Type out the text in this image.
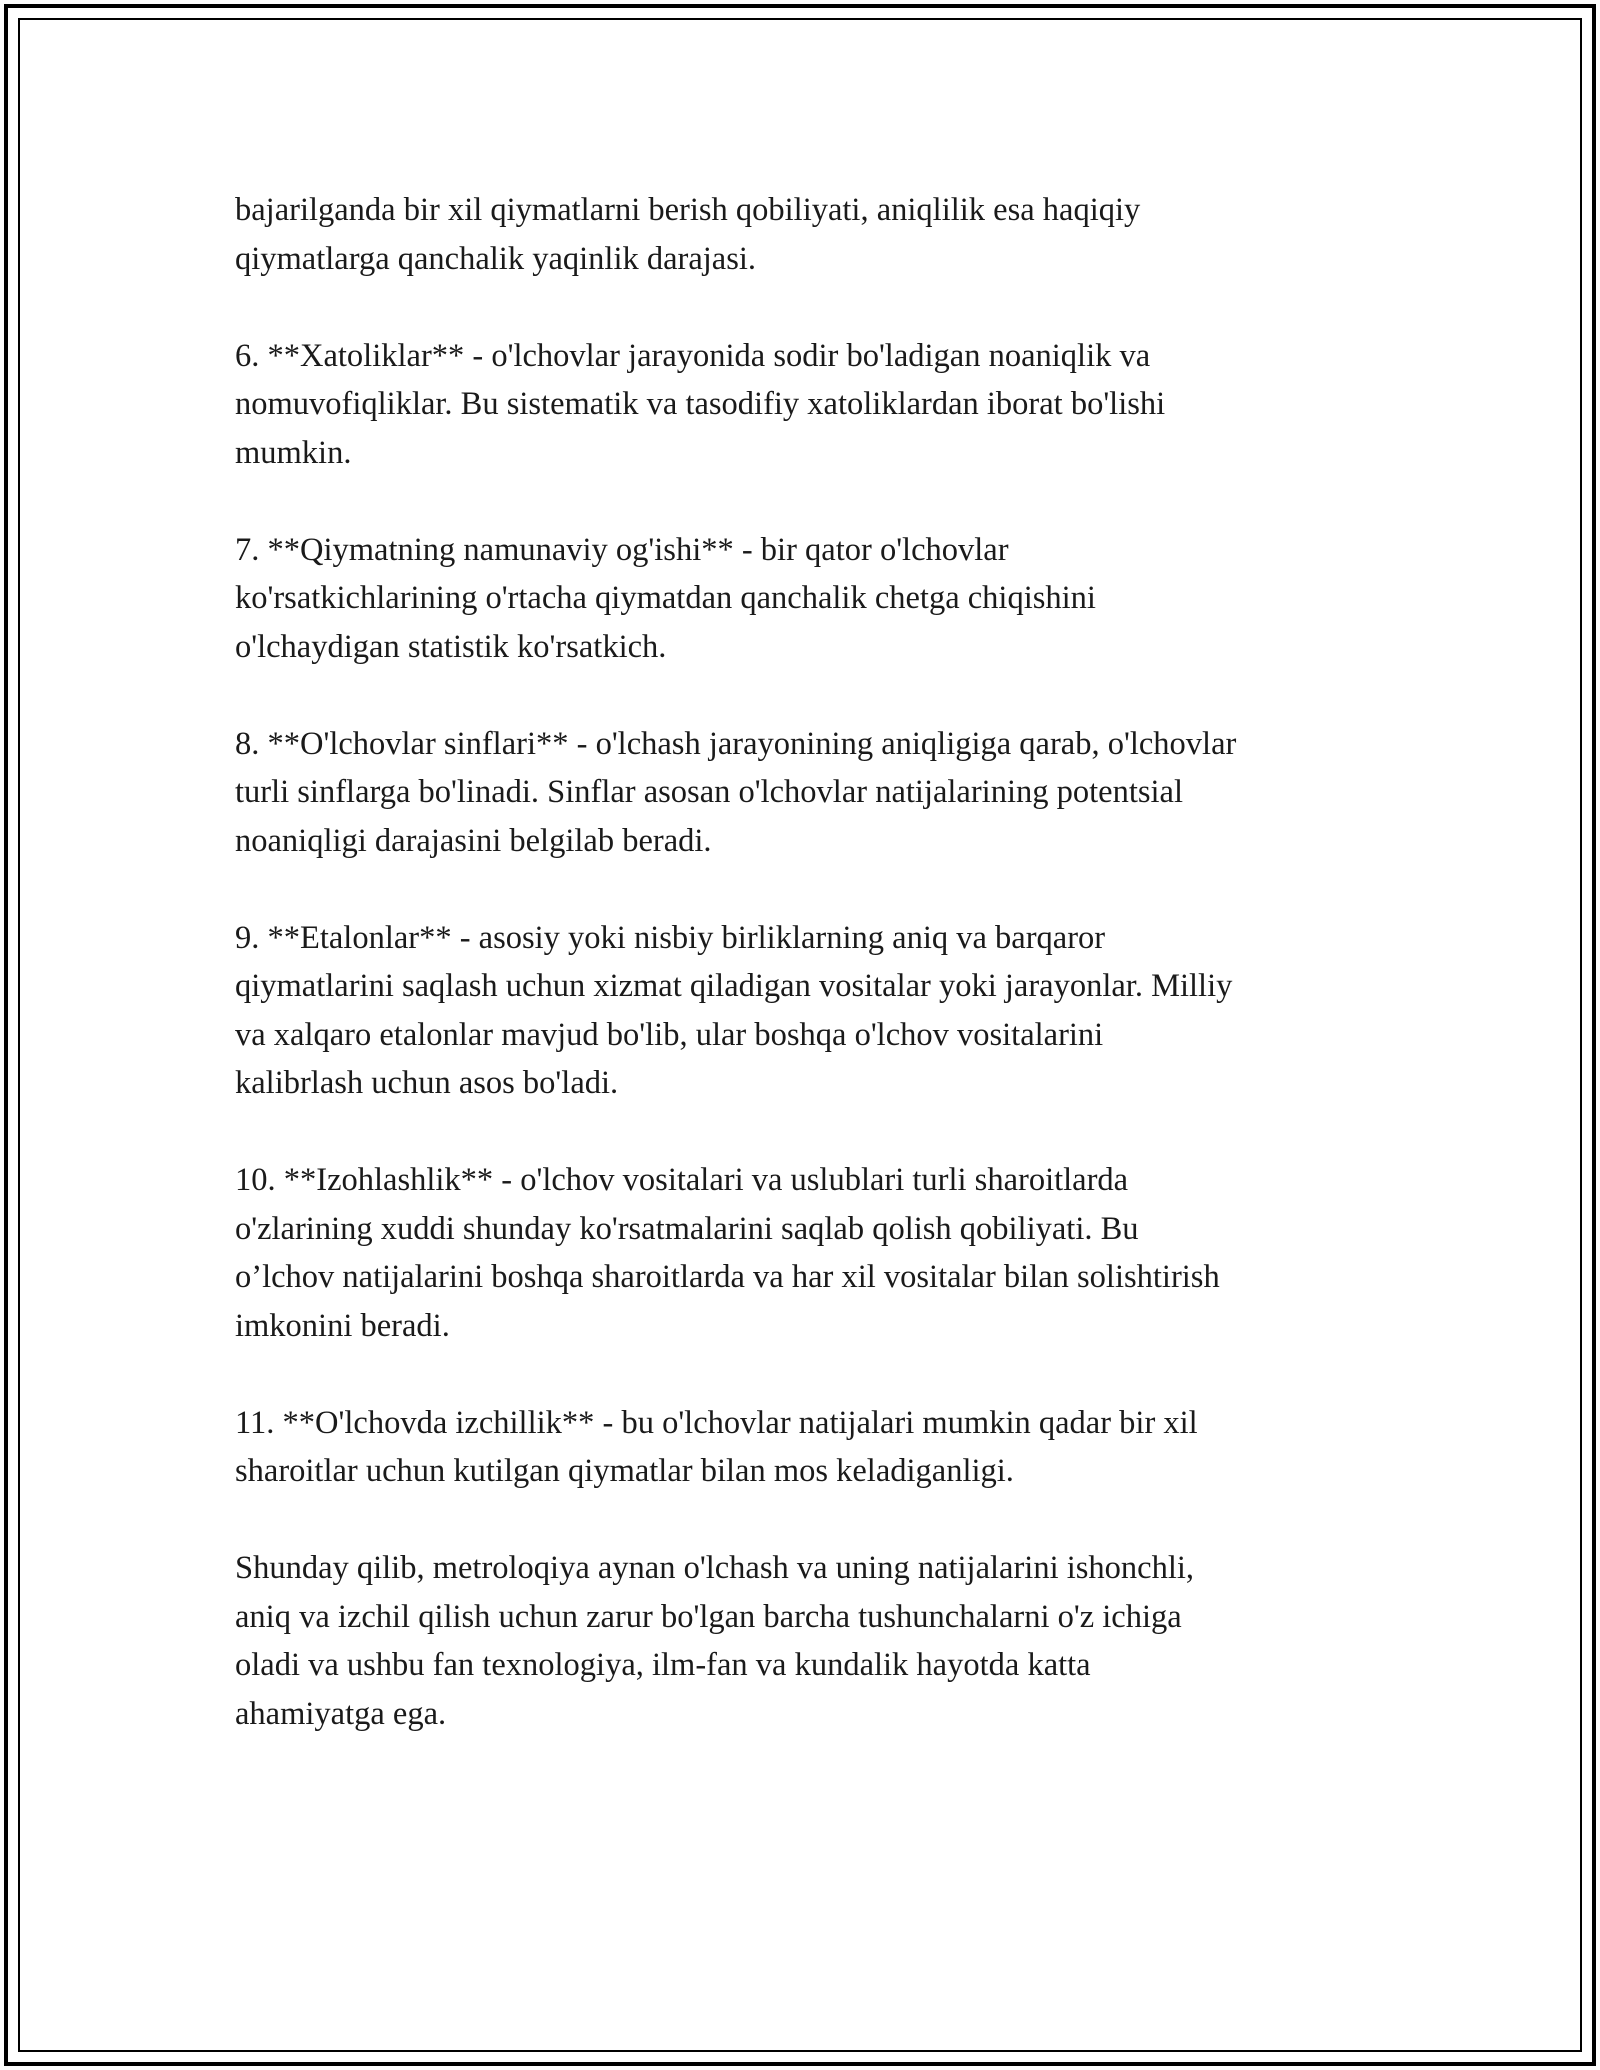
bajarilganda bir xil qiymatlarni berish qobiliyati, aniqlilik esa haqiqiy
qiymatlarga qanchalik yaqinlik darajasi.

6. **Xatoliklar** - o'lchovlar jarayonida sodir bo'ladigan noaniqlik va
nomuvofiqliklar. Bu sistematik va tasodifiy xatoliklardan iborat bo'lishi
mumkin.

7. **Qiymatning namunaviy og'ishi** - bir qator o'lchovlar
ko'rsatkichlarining o'rtacha qiymatdan qanchalik chetga chiqishini
o'lchaydigan statistik ko'rsatkich.

8. **O'lchovlar sinflari** - o'lchash jarayonining aniqligiga qarab, o'lchovlar
turli sinflarga bo'linadi. Sinflar asosan o'lchovlar natijalarining potentsial
noaniqligi darajasini belgilab beradi.

9. **Etalonlar** - asosiy yoki nisbiy birliklarning aniq va barqaror
qiymatlarini saqlash uchun xizmat qiladigan vositalar yoki jarayonlar. Milliy
va xalqaro etalonlar mavjud bo'lib, ular boshqa o'lchov vositalarini
kalibrlash uchun asos bo'ladi.

10. **Izohlashlik** - o'lchov vositalari va uslublari turli sharoitlarda
o'zlarining xuddi shunday ko'rsatmalarini saqlab qolish qobiliyati. Bu
o’lchov natijalarini boshqa sharoitlarda va har xil vositalar bilan solishtirish
imkonini beradi.

11. **O'lchovda izchillik** - bu o'lchovlar natijalari mumkin qadar bir xil
sharoitlar uchun kutilgan qiymatlar bilan mos keladiganligi.

Shunday qilib, metroloqiya aynan o'lchash va uning natijalarini ishonchli,
aniq va izchil qilish uchun zarur bo'lgan barcha tushunchalarni o'z ichiga
oladi va ushbu fan texnologiya, ilm-fan va kundalik hayotda katta
ahamiyatga ega.
